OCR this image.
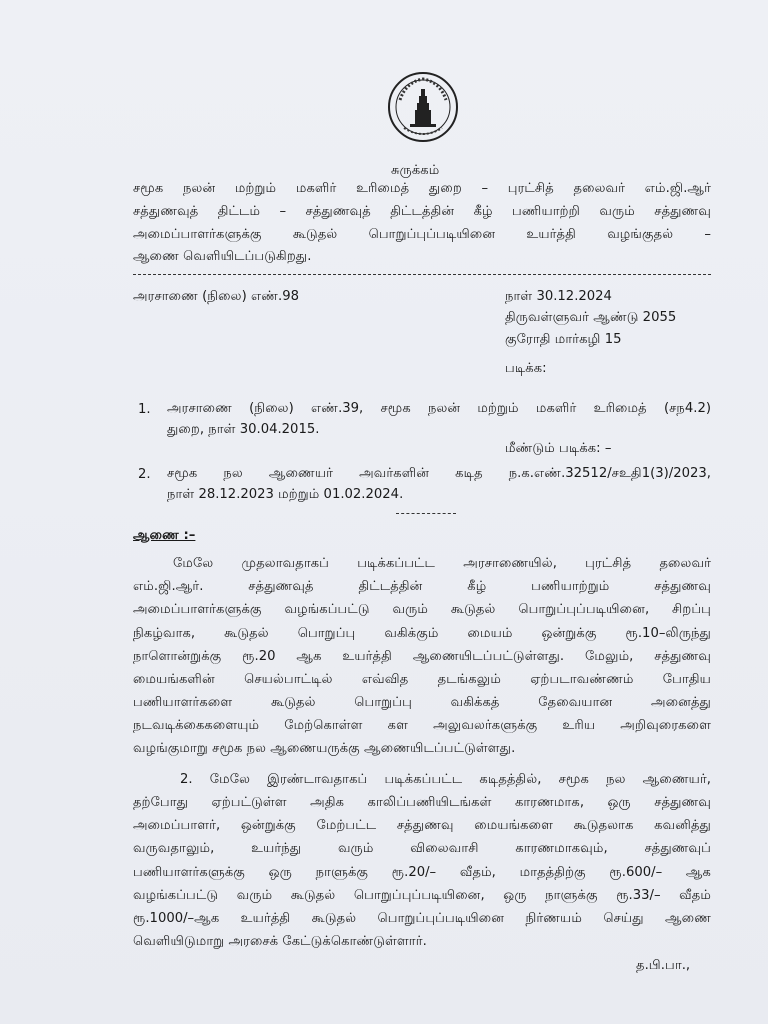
சுருக்கம்
சமூக நலன் மற்றும் மகளிர் உரிமைத் துறை – புரட்சித் தலைவர் எம்.ஜி.ஆர்
சத்துணவுத் திட்டம் – சத்துணவுத் திட்டத்தின் கீழ் பணியாற்றி வரும் சத்துணவு
அமைப்பாளர்களுக்கு கூடுதல் பொறுப்புப்படியினை உயர்த்தி வழங்குதல் –
ஆணை வெளியிடப்படுகிறது.
அரசாணை (நிலை) எண்.98	நாள் 30.12.2024
திருவள்ளுவர் ஆண்டு 2055
குரோதி மார்கழி 15
படிக்க:
1. அரசாணை (நிலை) எண்.39, சமூக நலன் மற்றும் மகளிர் உரிமைத் (சந4.2)
துறை, நாள் 30.04.2015.
மீண்டும் படிக்க: –
2. சமூக நல ஆணையர் அவர்களின் கடித ந.க.எண்.32512/சஉதி1(3)/2023,
நாள் 28.12.2023 மற்றும் 01.02.2024.
ஆணை :–
மேலே முதலாவதாகப் படிக்கப்பட்ட அரசாணையில், புரட்சித் தலைவர்
எம்.ஜி.ஆர். சத்துணவுத் திட்டத்தின் கீழ் பணியாற்றும் சத்துணவு
அமைப்பாளர்களுக்கு வழங்கப்பட்டு வரும் கூடுதல் பொறுப்புப்படியினை, சிறப்பு
நிகழ்வாக, கூடுதல் பொறுப்பு வகிக்கும் மையம் ஒன்றுக்கு ரூ.10–லிருந்து
நாளொன்றுக்கு ரூ.20 ஆக உயர்த்தி ஆணையிடப்பட்டுள்ளது. மேலும், சத்துணவு
மையங்களின் செயல்பாட்டில் எவ்வித தடங்கலும் ஏற்படாவண்ணம் போதிய
பணியாளர்களை கூடுதல் பொறுப்பு வகிக்கத் தேவையான அனைத்து
நடவடிக்கைகளையும் மேற்கொள்ள கள அலுவலர்களுக்கு உரிய அறிவுரைகளை
வழங்குமாறு சமூக நல ஆணையருக்கு ஆணையிடப்பட்டுள்ளது.
2. மேலே இரண்டாவதாகப் படிக்கப்பட்ட கடிதத்தில், சமூக நல ஆணையர்,
தற்போது ஏற்பட்டுள்ள அதிக காலிப்பணியிடங்கள் காரணமாக, ஒரு சத்துணவு
அமைப்பாளர், ஒன்றுக்கு மேற்பட்ட சத்துணவு மையங்களை கூடுதலாக கவனித்து
வருவதாலும், உயர்ந்து வரும் விலைவாசி காரணமாகவும், சத்துணவுப்
பணியாளர்களுக்கு ஒரு நாளுக்கு ரூ.20/– வீதம், மாதத்திற்கு ரூ.600/– ஆக
வழங்கப்பட்டு வரும் கூடுதல் பொறுப்புப்படியினை, ஒரு நாளுக்கு ரூ.33/– வீதம்
ரூ.1000/–ஆக உயர்த்தி கூடுதல் பொறுப்புப்படியினை நிர்ணயம் செய்து ஆணை
வெளியிடுமாறு அரசைக் கேட்டுக்கொண்டுள்ளார்.
த.பி.பா.,
